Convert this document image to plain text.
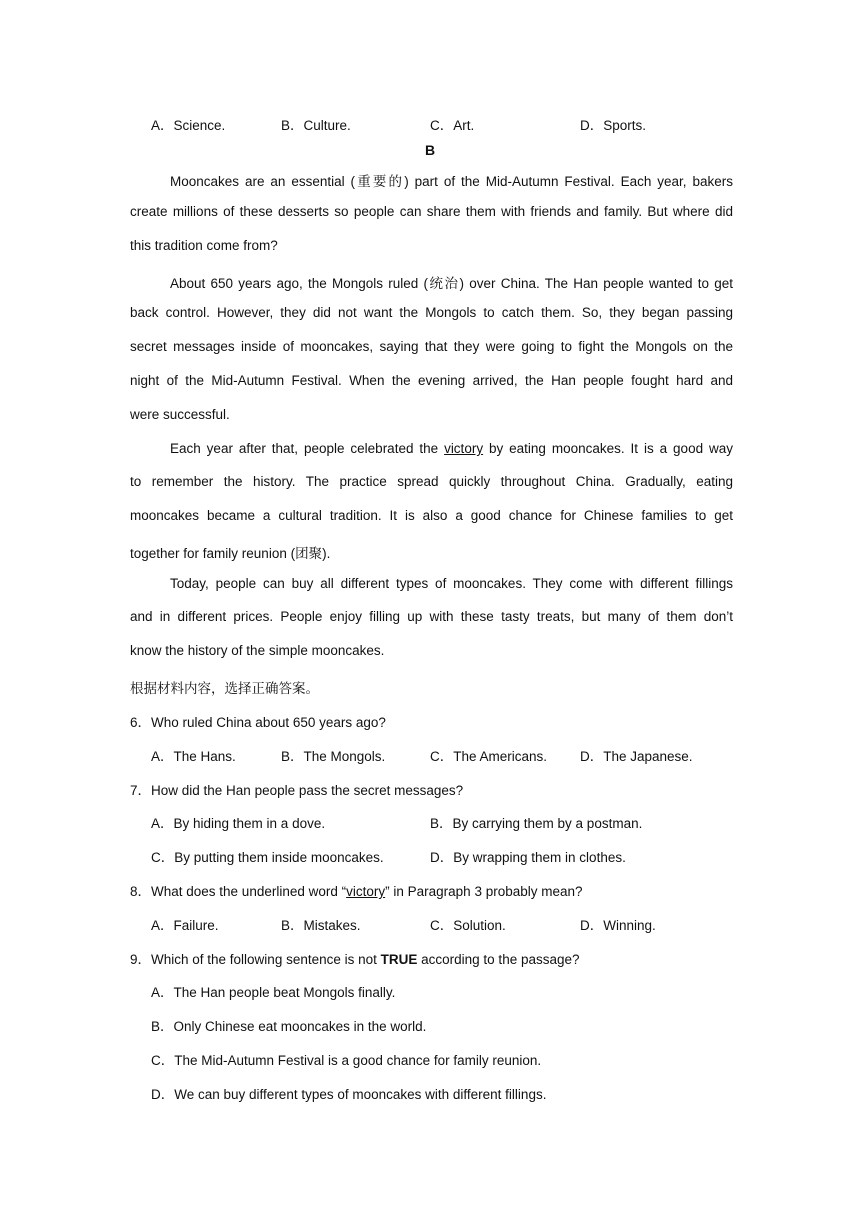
A．Science.	B．Culture.	C．Art.	D．Sports.
B
Mooncakes are an essential (重要的) part of the Mid-Autumn Festival. Each year, bakers
create millions of these desserts so people can share them with friends and family. But where did
this tradition come from?
About 650 years ago, the Mongols ruled (统治) over China. The Han people wanted to get
back control. However, they did not want the Mongols to catch them. So, they began passing
secret messages inside of mooncakes, saying that they were going to fight the Mongols on the
night of the Mid-Autumn Festival. When the evening arrived, the Han people fought hard and
were successful.
Each year after that, people celebrated the victory by eating mooncakes. It is a good way
to remember the history. The practice spread quickly throughout China. Gradually, eating
mooncakes became a cultural tradition. It is also a good chance for Chinese families to get
together for family reunion (团聚).
Today, people can buy all different types of mooncakes. They come with different fillings
and in different prices. People enjoy filling up with these tasty treats, but many of them don’t
know the history of the simple mooncakes.
根据材料内容，选择正确答案。
6．Who ruled China about 650 years ago?
A．The Hans.	B．The Mongols.	C．The Americans. D．The Japanese.
7．How did the Han people pass the secret messages?
A．By hiding them in a dove.	B．By carrying them by a postman.
C．By putting them inside mooncakes.	D．By wrapping them in clothes.
8．What does the underlined word “victory” in Paragraph 3 probably mean?
A．Failure.	B．Mistakes.	C．Solution.	D．Winning.
9．Which of the following sentence is not TRUE according to the passage?
A．The Han people beat Mongols finally.
B．Only Chinese eat mooncakes in the world.
C．The Mid-Autumn Festival is a good chance for family reunion.
D．We can buy different types of mooncakes with different fillings.
